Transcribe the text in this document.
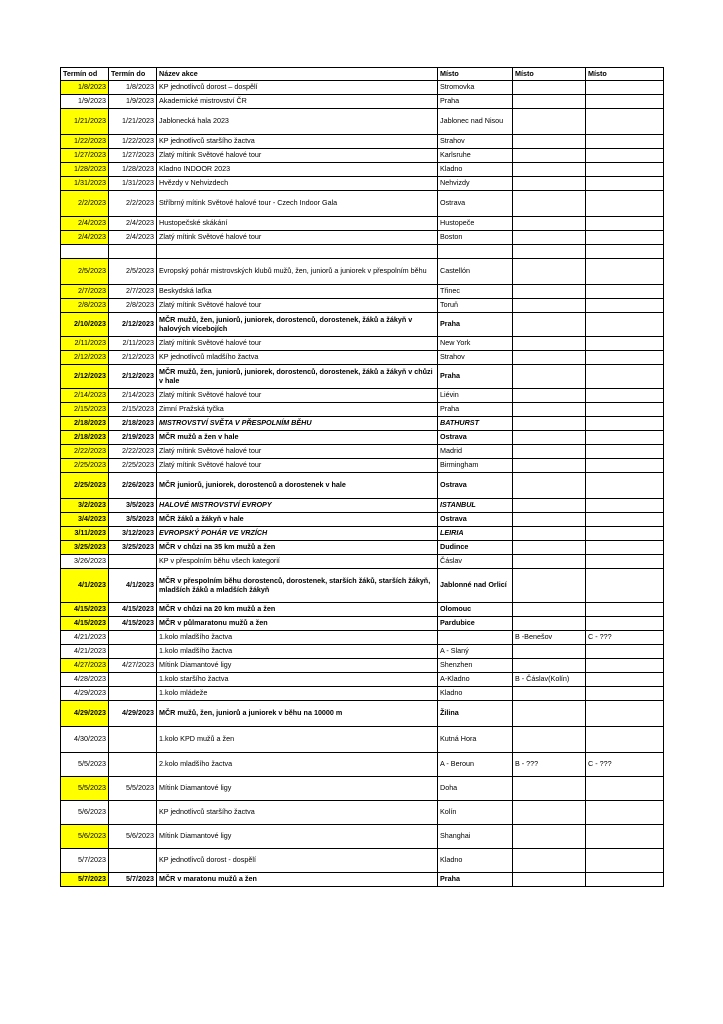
Termín od	Termín do	Název akce	Místo	Místo	Místo
1/8/2023	1/8/2023	KP jednotlivců dorost – dospělí	Stromovka		
1/9/2023	1/9/2023	Akademické mistrovství ČR	Praha		
1/21/2023	1/21/2023	Jablonecká hala 2023	Jablonec nad Nisou		
1/22/2023	1/22/2023	KP jednotlivců staršího žactva	Strahov		
1/27/2023	1/27/2023	Zlatý mítink Světové halové tour	Karlsruhe		
1/28/2023	1/28/2023	Kladno INDOOR 2023	Kladno		
1/31/2023	1/31/2023	Hvězdy v Nehvizdech	Nehvizdy		
2/2/2023	2/2/2023	Stříbrný mítink Světové halové tour - Czech Indoor Gala	Ostrava		
2/4/2023	2/4/2023	Hustopečské skákání	Hustopeče		
2/4/2023	2/4/2023	Zlatý mítink Světové halové tour	Boston		

2/5/2023	2/5/2023	Evropský pohár mistrovských klubů mužů, žen, juniorů a juniorek v přespolním běhu	Castellón		
2/7/2023	2/7/2023	Beskydská laťka	Třinec		
2/8/2023	2/8/2023	Zlatý mítink Světové halové tour	Toruň		
2/10/2023	2/12/2023	MČR mužů, žen, juniorů, juniorek, dorostenců, dorostenek, žáků a žákyň v halových vícebojích	Praha		
2/11/2023	2/11/2023	Zlatý mítink Světové halové tour	New York		
2/12/2023	2/12/2023	KP jednotlivců mladšího žactva	Strahov		
2/12/2023	2/12/2023	MČR mužů, žen, juniorů, juniorek, dorostenců, dorostenek, žáků a žákyň v chůzi v hale	Praha		
2/14/2023	2/14/2023	Zlatý mítink Světové halové tour	Liévin		
2/15/2023	2/15/2023	Zimní Pražská tyčka	Praha		
2/18/2023	2/18/2023	MISTROVSTVÍ SVĚTA V PŘESPOLNÍM BĚHU	BATHURST		
2/18/2023	2/19/2023	MČR mužů a žen v hale	Ostrava		
2/22/2023	2/22/2023	Zlatý mítink Světové halové tour	Madrid		
2/25/2023	2/25/2023	Zlatý mítink Světové halové tour	Birmingham		
2/25/2023	2/26/2023	MČR juniorů, juniorek, dorostenců a dorostenek v hale	Ostrava		
3/2/2023	3/5/2023	HALOVÉ MISTROVSTVÍ EVROPY	ISTANBUL		
3/4/2023	3/5/2023	MČR žáků a žákyň v hale	Ostrava		
3/11/2023	3/12/2023	EVROPSKÝ POHÁR VE VRZÍCH	LEIRIA		
3/25/2023	3/25/2023	MČR v chůzi na 35 km mužů a žen	Dudince		
3/26/2023		KP v přespolním běhu všech kategorií	Čáslav		
4/1/2023	4/1/2023	MČR v přespolním běhu dorostenců, dorostenek, starších žáků, starších žákyň, mladších žáků a mladších žákyň	Jablonné nad Orlicí		
4/15/2023	4/15/2023	MČR v chůzi na 20 km mužů a žen	Olomouc		
4/15/2023	4/15/2023	MČR v půlmaratonu mužů a žen	Pardubice		
4/21/2023		1.kolo mladšího žactva		B -Benešov	C - ???
4/21/2023		1.kolo mladšího žactva	A - Slaný		
4/27/2023	4/27/2023	Mítink Diamantové ligy	Shenzhen		
4/28/2023		1.kolo staršího žactva	A-Kladno	B - Čáslav(Kolín)	
4/29/2023		1.kolo mládeže	Kladno		
4/29/2023	4/29/2023	MČR mužů, žen, juniorů a juniorek v běhu na 10000 m	Žilina		
4/30/2023		1.kolo KPD mužů a žen	Kutná Hora		
5/5/2023		2.kolo mladšího žactva	A - Beroun	B - ???	C - ???
5/5/2023	5/5/2023	Mítink Diamantové ligy	Doha		
5/6/2023		KP jednotlivců staršího žactva	Kolín		
5/6/2023	5/6/2023	Mítink Diamantové ligy	Shanghai		
5/7/2023		KP jednotlivců dorost - dospělí	Kladno		
5/7/2023	5/7/2023	MČR v maratonu mužů a žen	Praha		
